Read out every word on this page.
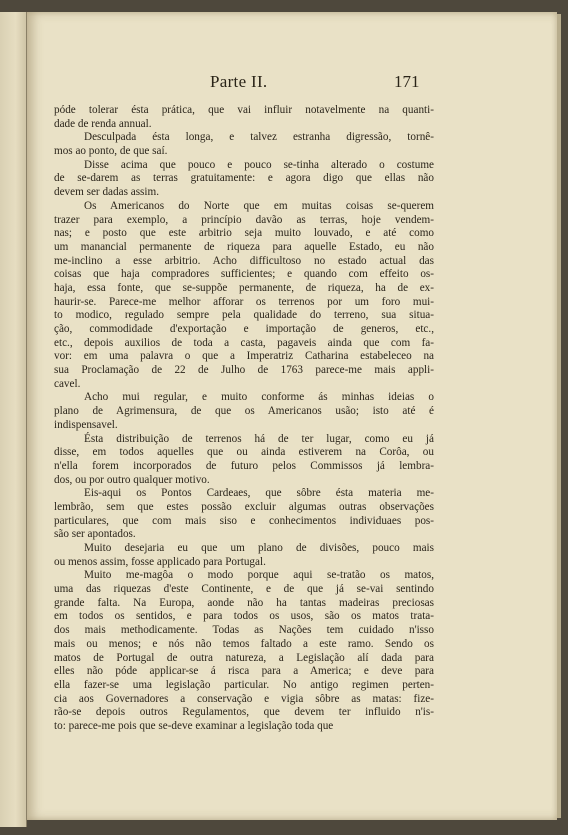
Parte II.	171
póde tolerar ésta prática, que vai influir notavelmente na quanti-
dade de renda annual.
Desculpada ésta longa, e talvez estranha digressão, tornê-
mos ao ponto, de que saí.
Disse acima que pouco e pouco se-tinha alterado o costume
de se-darem as terras gratuitamente: e agora digo que ellas não
devem ser dadas assim.
Os Americanos do Norte que em muitas coisas se-querem
trazer para exemplo, a princípio davão as terras, hoje vendem-
nas; e posto que este arbitrio seja muito louvado, e até como
um manancial permanente de riqueza para aquelle Estado, eu não
me-inclino a esse arbitrio. Acho difficultoso no estado actual das
coisas que haja compradores sufficientes; e quando com effeito os-
haja, essa fonte, que se-suppõe permanente, de riqueza, ha de ex-
haurir-se. Parece-me melhor afforar os terrenos por um foro mui-
to modico, regulado sempre pela qualidade do terreno, sua situa-
ção, commodidade d'exportação e importação de generos, etc.,
etc., depois auxilios de toda a casta, pagaveis ainda que com fa-
vor: em uma palavra o que a Imperatriz Catharina estabeleceo na
sua Proclamação de 22 de Julho de 1763 parece-me mais appli-
cavel.
Acho mui regular, e muito conforme ás minhas ideias o
plano de Agrimensura, de que os Americanos usão; isto até é
indispensavel.
Ésta distribuição de terrenos há de ter lugar, como eu já
disse, em todos aquelles que ou ainda estiverem na Corôa, ou
n'ella forem incorporados de futuro pelos Commissos já lembra-
dos, ou por outro qualquer motivo.
Eis-aqui os Pontos Cardeaes, que sôbre ésta materia me-
lembrão, sem que estes possão excluir algumas outras observações
particulares, que com mais siso e conhecimentos individuaes pos-
são ser apontados.
Muito desejaria eu que um plano de divisões, pouco mais
ou menos assim, fosse applicado para Portugal.
Muito me-magôa o modo porque aqui se-tratão os matos,
uma das riquezas d'este Continente, e de que já se-vai sentindo
grande falta. Na Europa, aonde não ha tantas madeiras preciosas
em todos os sentidos, e para todos os usos, são os matos trata-
dos mais methodicamente. Todas as Nações tem cuidado n'isso
mais ou menos; e nós não temos faltado a este ramo. Sendo os
matos de Portugal de outra natureza, a Legislação alí dada para
elles não póde applicar-se á risca para a America; e deve para
ella fazer-se uma legislação particular. No antigo regimen perten-
cia aos Governadores a conservação e vigia sôbre as matas: fize-
rão-se depois outros Regulamentos, que devem ter influido n'is-
to: parece-me pois que se-deve examinar a legislação toda que
